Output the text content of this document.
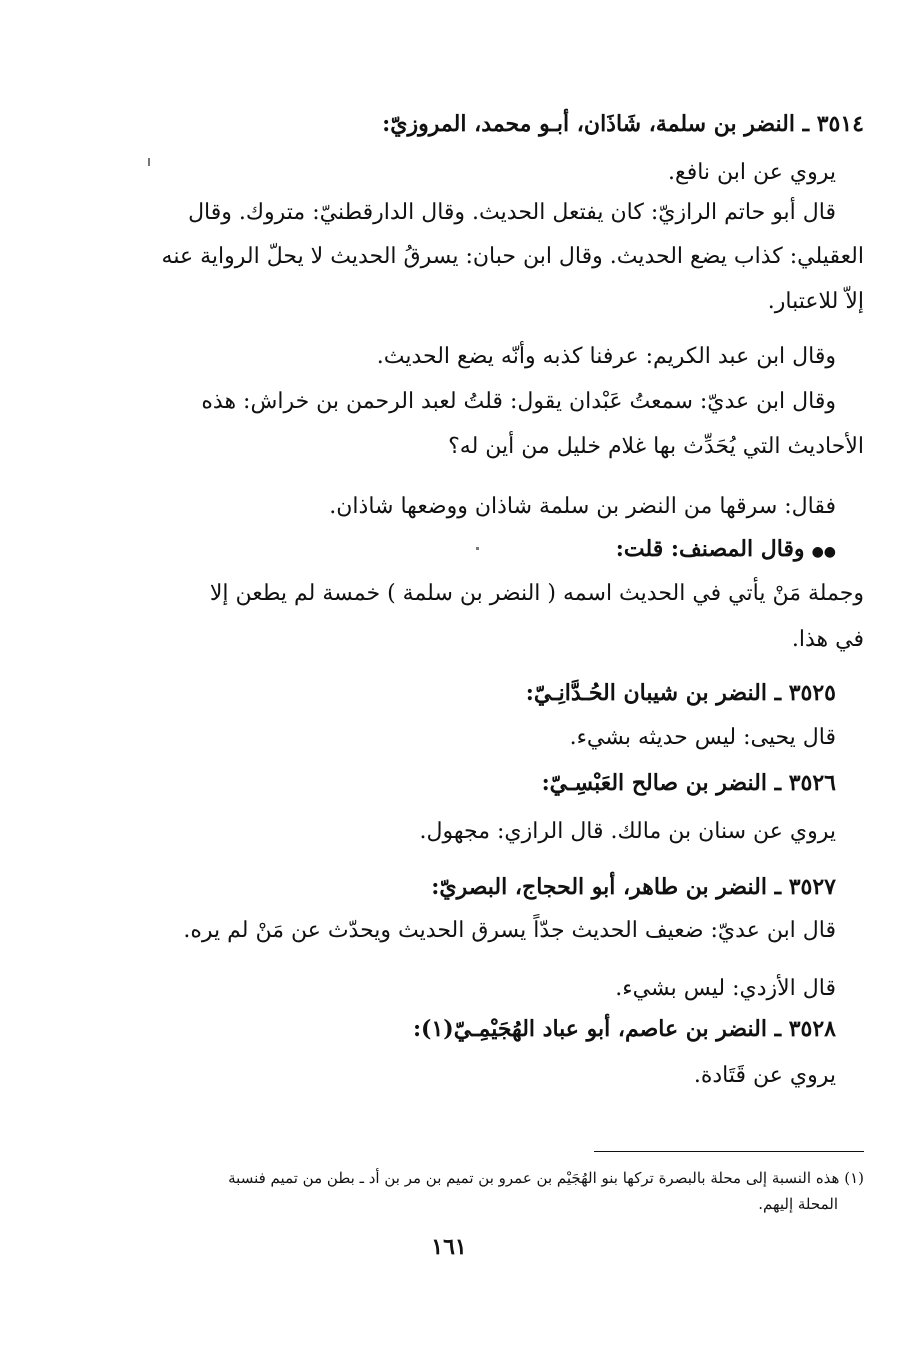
٣٥١٤ ـ النضر بن سلمة، شَاذَان، أبـو محمد، المروزيّ:
يروي عن ابن نافع.
قال أبو حاتم الرازيّ: كان يفتعل الحديث. وقال الدارقطنيّ: متروك. وقال
العقيلي: كذاب يضع الحديث. وقال ابن حبان: يسرقُ الحديث لا يحلّ الرواية عنه
إلاّ للاعتبار.
وقال ابن عبد الكريم: عرفنا كذبه وأنّه يضع الحديث.
وقال ابن عديّ: سمعتُ عَبْدان يقول: قلتُ لعبد الرحمن بن خراش: هذه
الأحاديث التي يُحَدِّث بها غلام خليل من أين له؟
فقال: سرقها من النضر بن سلمة شاذان ووضعها شاذان.
●● وقال المصنف: قلت:
وجملة مَنْ يأتي في الحديث اسمه ( النضر بن سلمة ) خمسة لم يطعن إلا
في هذا.
٣٥٢٥ ـ النضر بن شيبان الحُـدَّانِـيّ:
قال يحيى: ليس حديثه بشيء.
٣٥٢٦ ـ النضر بن صالح العَبْسِـيّ:
يروي عن سنان بن مالك. قال الرازي: مجهول.
٣٥٢٧ ـ النضر بن طاهر، أبو الحجاج، البصريّ:
قال ابن عديّ: ضعيف الحديث جدّاً يسرق الحديث ويحدّث عن مَنْ لم يره.
قال الأزدي: ليس بشيء.
٣٥٢٨ ـ النضر بن عاصم، أبو عباد الهُجَيْمِـيّ(١):
يروي عن قَتَادة.
(١) هذه النسبة إلى محلة بالبصرة تركها بنو الهُجَيْم بن عمرو بن تميم بن مر بن أد ـ بطن من تميم فنسبة
المحلة إليهم.
١٦١
